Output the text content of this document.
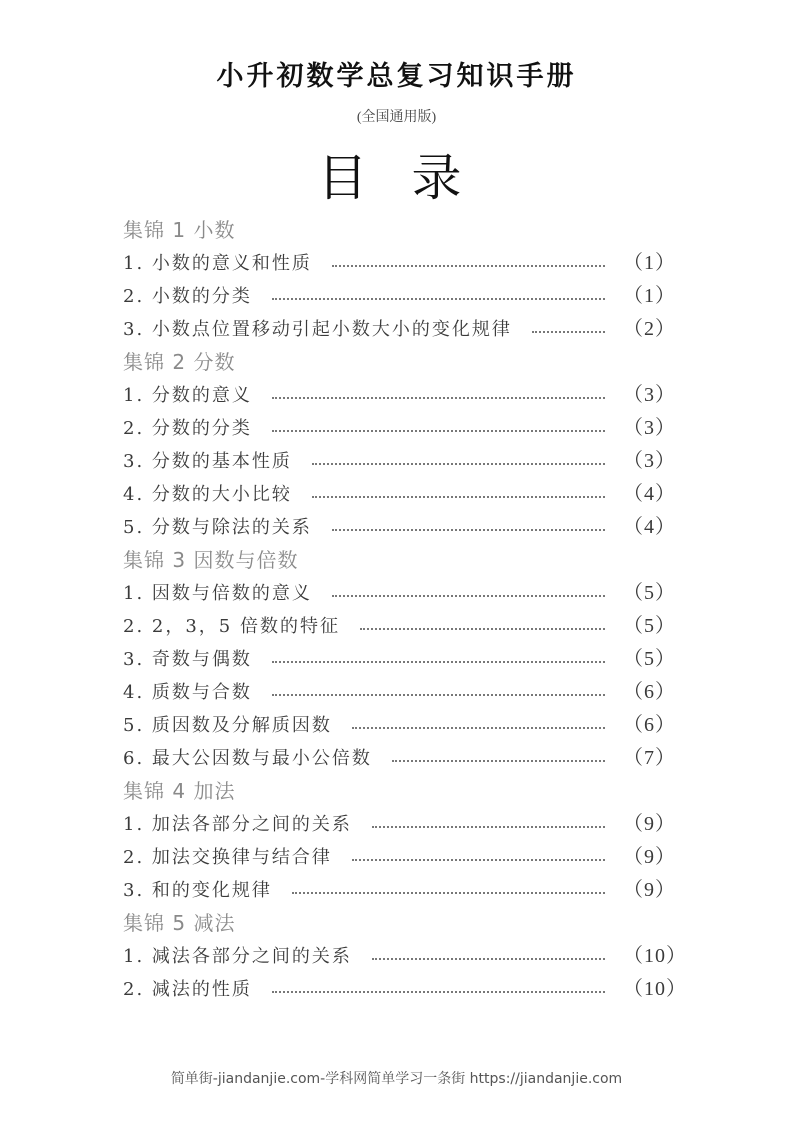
小升初数学总复习知识手册
(全国通用版)
目 录
集锦 1 小数
1. 小数的意义和性质	（1）
2. 小数的分类	（1）
3. 小数点位置移动引起小数大小的变化规律	（2）
集锦 2 分数
1. 分数的意义	（3）
2. 分数的分类	（3）
3. 分数的基本性质	（3）
4. 分数的大小比较	（4）
5. 分数与除法的关系	（4）
集锦 3 因数与倍数
1. 因数与倍数的意义	（5）
2. 2，3，5 倍数的特征	（5）
3. 奇数与偶数	（5）
4. 质数与合数	（6）
5. 质因数及分解质因数	（6）
6. 最大公因数与最小公倍数	（7）
集锦 4 加法
1. 加法各部分之间的关系	（9）
2. 加法交换律与结合律	（9）
3. 和的变化规律	（9）
集锦 5 减法
1. 减法各部分之间的关系	（10）
2. 减法的性质	（10）
简单街-jiandanjie.com-学科网简单学习一条街 https://jiandanjie.com
